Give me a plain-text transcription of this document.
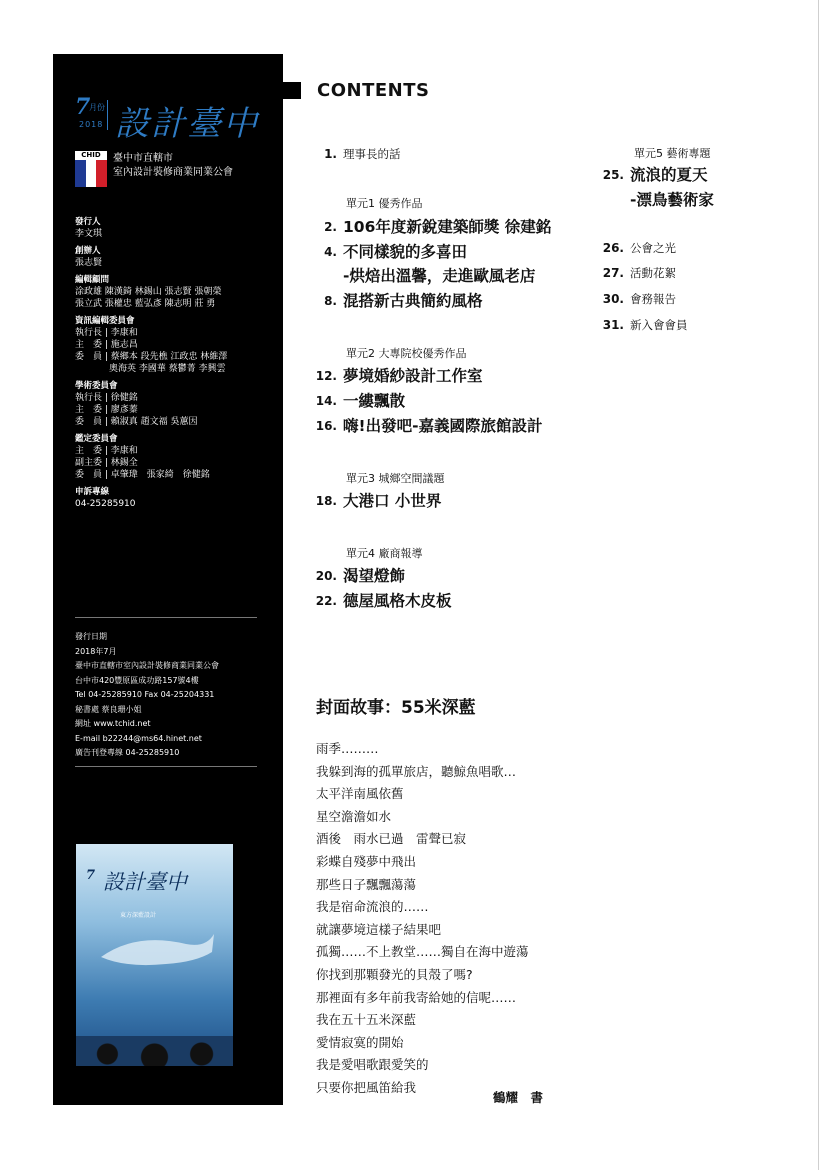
7
月份
2018 設計臺中
CHID	臺中市直轄市
室內設計裝修商業同業公會
發行人
李文琪
創辦人
張志賢
編輯顧問
涂政雄 陳漢錡 林錫山 張志賢 張朝榮
張立武 張權忠 藍弘彥 陳志明 莊 勇
資訊編輯委員會
執行長 | 李康和
主　委 | 施志昌
委　員 | 蔡鄉本 段先樵 江政忠 林維澤
奧海英 李國華 蔡鬱菁 李興雲
學術委員會
執行長 | 徐健銘
主　委 | 廖彥蓁
委　員 | 賴淑真 趙文福 吳蕙因
鑑定委員會
主　委 | 李康和
副主委 | 林錫全
委　員 | 卓肇瑋　張家綺　徐健銘
申訴專線
04-25285910
發行日期
2018年7月
臺中市直轄市室內設計裝修商業同業公會
台中市420豐原區成功路157號4樓
Tel 04-25285910 Fax 04-25204331
秘書處 蔡良珊小姐
網址 www.tchid.net
E-mail b22244@ms64.hinet.net
廣告刊登專線 04-25285910
7 設計臺中
東方深藍設計
CONTENTS
1. 理事長的話
單元1 優秀作品
2. 106年度新銳建築師獎 徐建銘
4. 不同樣貌的多喜田
-烘焙出溫馨，走進歐風老店
8. 混搭新古典簡約風格
單元2 大專院校優秀作品
12. 夢境婚紗設計工作室
14. 一縷飄散
16. 嗨!出發吧-嘉義國際旅館設計
單元3 城鄉空間議題
18. 大港口 小世界
單元4 廠商報導
20. 渴望燈飾
22. 德屋風格木皮板
單元5 藝術專題
25. 流浪的夏天
-漂鳥藝術家
26. 公會之光
27. 活動花絮
30. 會務報告
31. 新入會會員
封面故事：55米深藍
雨季………
我躲到海的孤單旅店，聽鯨魚唱歌…
太平洋南風依舊
星空澹澹如水
酒後　雨水已過　雷聲已寂
彩蝶自殘夢中飛出
那些日子飄飄蕩蕩
我是宿命流浪的……
就讓夢境這樣子結果吧
孤獨……不上教堂……獨自在海中遊蕩
你找到那顆發光的貝殼了嗎?
那裡面有多年前我寄給她的信呢……
我在五十五米深藍
愛情寂寞的開始
我是愛唱歌跟愛笑的
只要你把風笛給我
鶴耀　書
